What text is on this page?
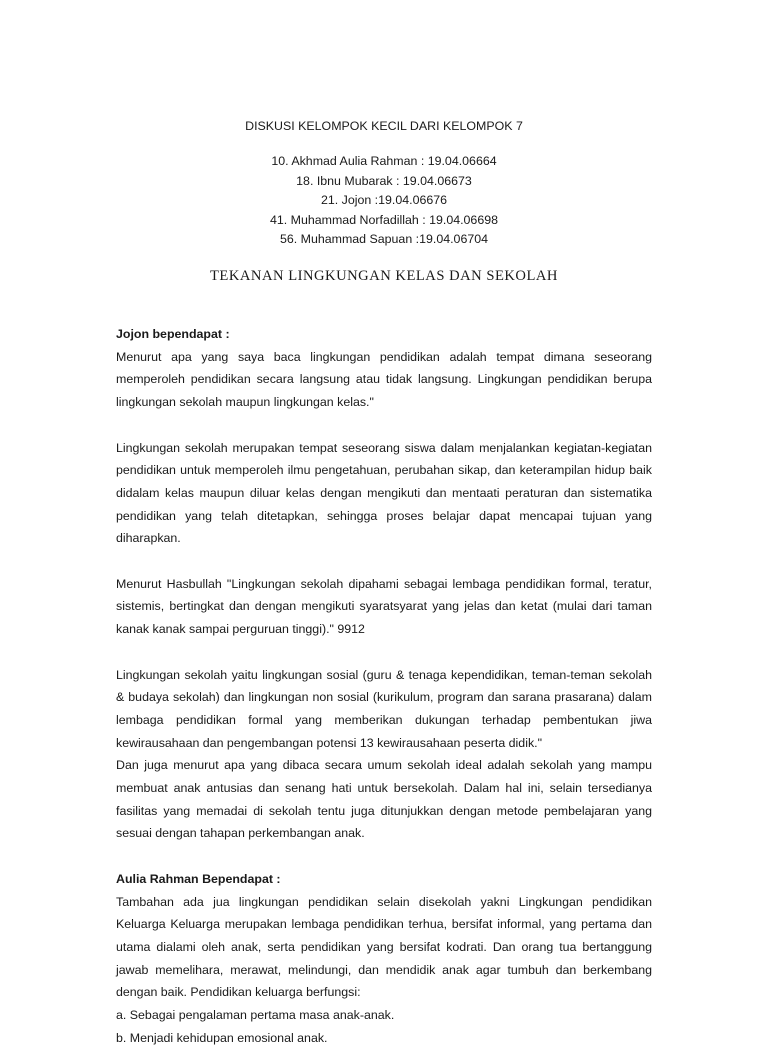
DISKUSI KELOMPOK KECIL DARI KELOMPOK 7
10. Akhmad Aulia Rahman : 19.04.06664
18. Ibnu Mubarak : 19.04.06673
21. Jojon :19.04.06676
41. Muhammad Norfadillah : 19.04.06698
56. Muhammad Sapuan :19.04.06704
TEKANAN LINGKUNGAN KELAS DAN SEKOLAH

Jojon bependapat :

Menurut apa yang saya baca lingkungan pendidikan adalah tempat dimana seseorang memperoleh pendidikan secara langsung atau tidak langsung. Lingkungan pendidikan berupa lingkungan sekolah maupun lingkungan kelas."

Lingkungan sekolah merupakan tempat seseorang siswa dalam menjalankan kegiatan-kegiatan pendidikan untuk memperoleh ilmu pengetahuan, perubahan sikap, dan keterampilan hidup baik didalam kelas maupun diluar kelas dengan mengikuti dan mentaati peraturan dan sistematika pendidikan yang telah ditetapkan, sehingga proses belajar dapat mencapai tujuan yang diharapkan.

Menurut Hasbullah "Lingkungan sekolah dipahami sebagai lembaga pendidikan formal, teratur, sistemis, bertingkat dan dengan mengikuti syaratsyarat yang jelas dan ketat (mulai dari taman kanak kanak sampai perguruan tinggi)." 9912

Lingkungan sekolah yaitu lingkungan sosial (guru & tenaga kependidikan, teman-teman sekolah & budaya sekolah) dan lingkungan non sosial (kurikulum, program dan sarana prasarana) dalam lembaga pendidikan formal yang memberikan dukungan terhadap pembentukan jiwa kewirausahaan dan pengembangan potensi 13 kewirausahaan peserta didik."

Dan juga menurut apa yang dibaca secara umum sekolah ideal adalah sekolah yang mampu membuat anak antusias dan senang hati untuk bersekolah. Dalam hal ini, selain tersedianya fasilitas yang memadai di sekolah tentu juga ditunjukkan dengan metode pembelajaran yang sesuai dengan tahapan perkembangan anak.

Aulia Rahman Bependapat :

Tambahan ada jua lingkungan pendidikan selain disekolah yakni Lingkungan pendidikan Keluarga Keluarga merupakan lembaga pendidikan terhua, bersifat informal, yang pertama dan utama dialami oleh anak, serta pendidikan yang bersifat kodrati. Dan orang tua bertanggung jawab memelihara, merawat, melindungi, dan mendidik anak agar tumbuh dan berkembang dengan baik. Pendidikan keluarga berfungsi:

a. Sebagai pengalaman pertama masa anak-anak.

b. Menjadi kehidupan emosional anak.
